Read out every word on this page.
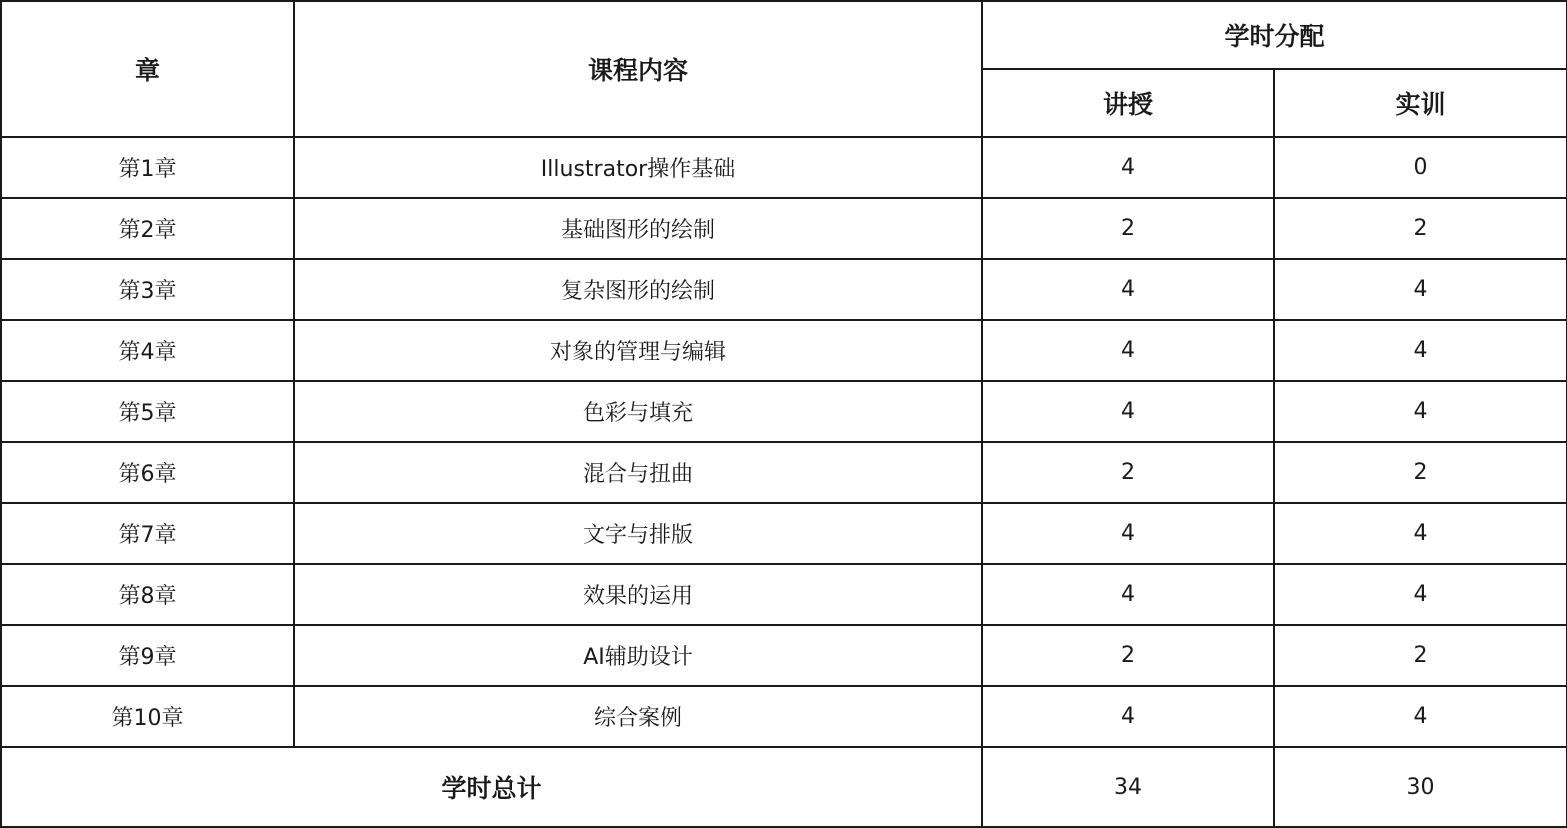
章	课程内容	学时分配	
		讲授	实训
第1章	Illustrator操作基础	4	0
第2章	基础图形的绘制	2	2
第3章	复杂图形的绘制	4	4
第4章	对象的管理与编辑	4	4
第5章	色彩与填充	4	4
第6章	混合与扭曲	2	2
第7章	文字与排版	4	4
第8章	效果的运用	4	4
第9章	AI辅助设计	2	2
第10章	综合案例	4	4
学时总计		34	30
